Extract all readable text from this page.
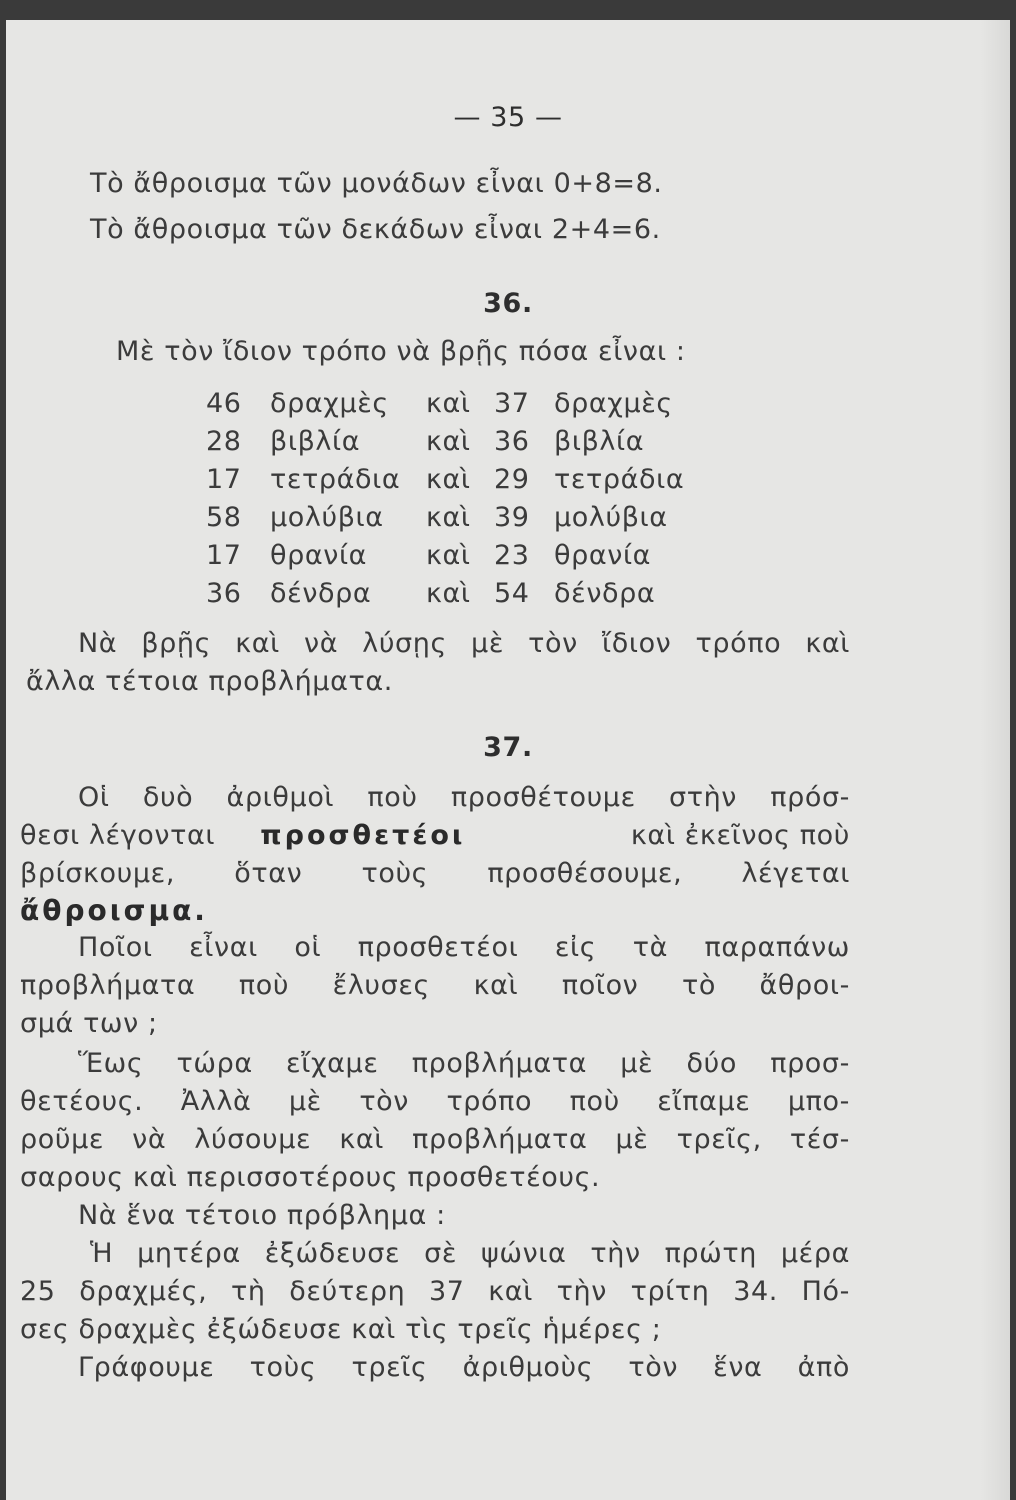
— 35 —
Τὸ ἄθροισμα τῶν μονάδων εἶναι 0+8=8.
Τὸ ἄθροισμα τῶν δεκάδων εἶναι 2+4=6.
36.
Μὲ τὸν ἴδιον τρόπο νὰ βρῇς πόσα εἶναι :
46 δραχμὲς καὶ 37 δραχμὲς
28 βιβλία καὶ 36 βιβλία
17 τετράδια καὶ 29 τετράδια
58 μολύβια καὶ 39 μολύβια
17 θρανία καὶ 23 θρανία
36 δένδρα καὶ 54 δένδρα
Νὰ βρῇς καὶ νὰ λύσῃς μὲ τὸν ἴδιον τρόπο καὶ
ἄλλα τέτοια προβλήματα.
37.
Οἱ δυὸ ἀριθμοὶ ποὺ προσθέτουμε στὴν πρόσ-
θεσι λέγονται προσθετέοι	καὶ ἐκεῖνος ποὺ
βρίσκουμε, ὅταν τοὺς προσθέσουμε, λέγεται
ἄθροισμα.
Ποῖοι εἶναι οἱ προσθετέοι εἰς τὰ παραπάνω
προβλήματα ποὺ ἔλυσες καὶ ποῖον τὸ ἄθροι-
σμά των ;
Ἕως τώρα εἴχαμε προβλήματα μὲ δύο προσ-
θετέους. Ἀλλὰ μὲ τὸν τρόπο ποὺ εἴπαμε μπο-
ροῦμε νὰ λύσουμε καὶ προβλήματα μὲ τρεῖς, τέσ-
σαρους καὶ περισσοτέρους προσθετέους.
Νὰ ἕνα τέτοιο πρόβλημα :
Ἡ μητέρα ἐξώδευσε σὲ ψώνια τὴν πρώτη μέρα
25 δραχμές, τὴ δεύτερη 37 καὶ τὴν τρίτη 34. Πό-
σες δραχμὲς ἐξώδευσε καὶ τὶς τρεῖς ἡμέρες ;
Γράφουμε τοὺς τρεῖς ἀριθμοὺς τὸν ἕνα ἀπὸ
